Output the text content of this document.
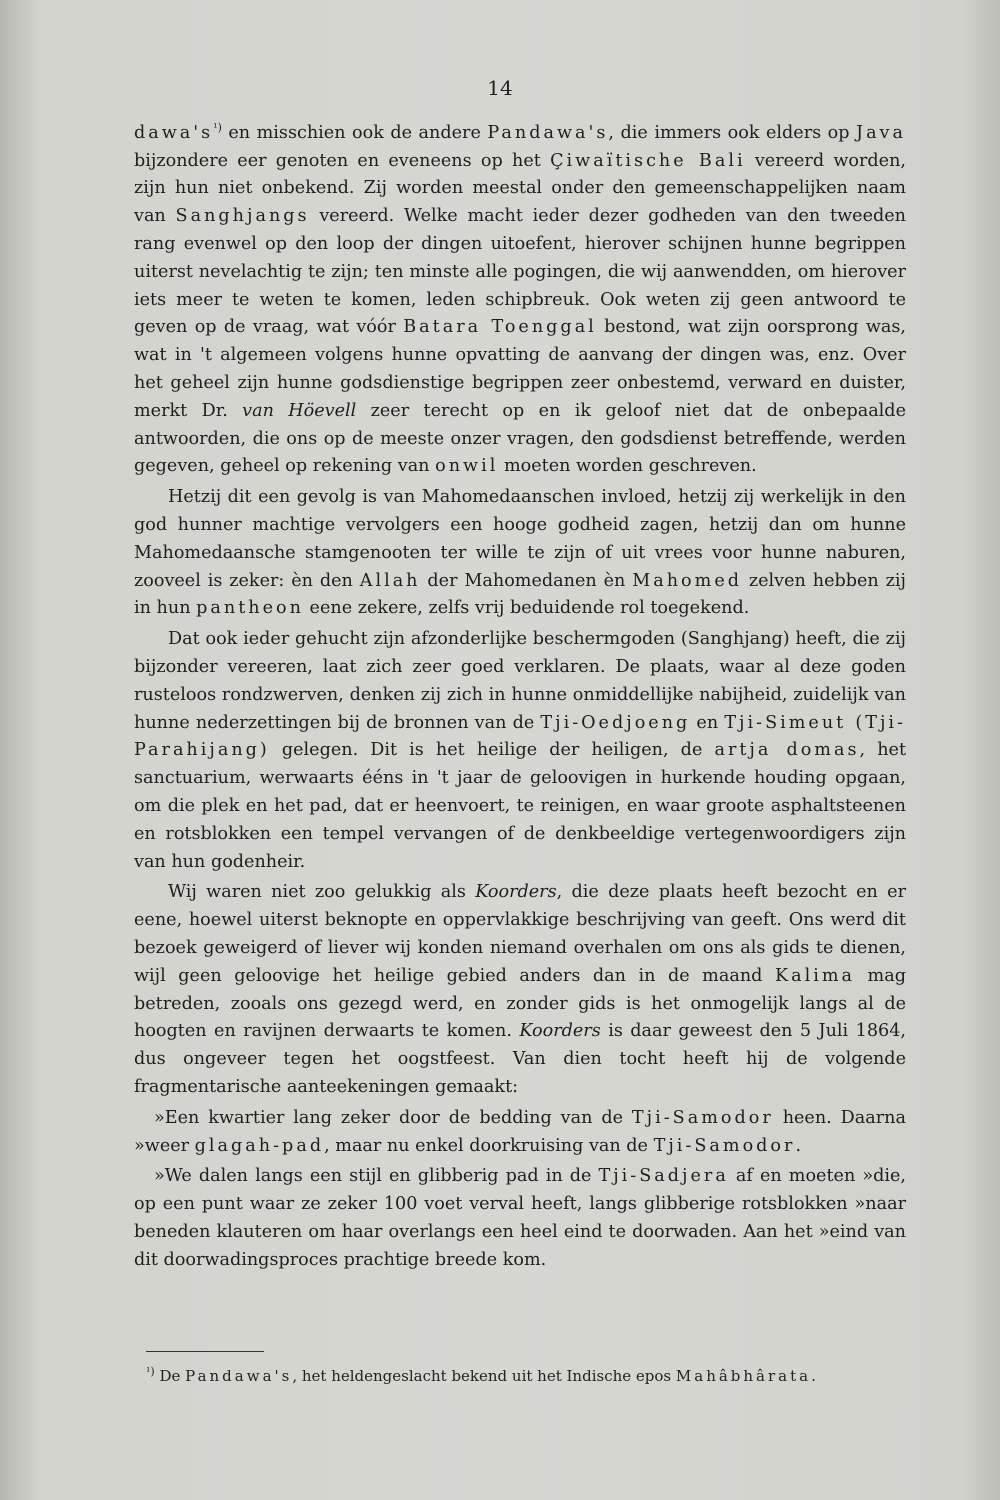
14

$dawa's^{^1)}$ en misschien ook de andere Pandawa's, die immers ook elders op Java bijzondere eer genoten en eveneens op het Çiwaïtische Bali vereerd worden, zijn hun niet onbekend. Zij worden meestal onder den gemeenschappelijken naam van Sanghjangs vereerd. Welke macht ieder dezer godheden van den tweeden rang evenwel op den loop der dingen uitoefent, hierover schijnen hunne begrippen uiterst nevelachtig te zijn; ten minste alle pogingen, die wij aanwendden, om hierover iets meer te weten te komen, leden schipbreuk. Ook weten zij geen antwoord te geven op de vraag, wat vóór Batara Toenggal bestond, wat zijn oorsprong was, wat in 't algemeen volgens hunne opvatting de aanvang der dingen was, enz. Over het geheel zijn hunne godsdienstige begrippen zeer onbestemd, verward en duister, merkt Dr. van Höevell zeer terecht op en ik geloof niet dat de onbepaalde antwoorden, die ons op de meeste onzer vragen, den godsdienst betreffende, werden gegeven, geheel op rekening van onwil moeten worden geschreven.

Hetzij dit een gevolg is van Mahomedaanschen invloed, hetzij zij werkelijk in den god hunner machtige vervolgers een hooge godheid zagen, hetzij dan om hunne Mahomedaansche stamgenooten ter wille te zijn of uit vrees voor hunne naburen, zooveel is zeker: èn den Allah der Mahomedanen èn Mahomed zelven hebben zij in hun pantheon eene zekere, zelfs vrij beduidende rol toegekend.

Dat ook ieder gehucht zijn afzonderlijke beschermgoden (Sanghjang) heeft, die zij bijzonder vereeren, laat zich zeer goed verklaren. De plaats, waar al deze goden rusteloos rondzwerven, denken zij zich in hunne onmiddellijke nabijheid, zuidelijk van hunne nederzettingen bij de bronnen van de Tji-Oedjoeng en Tji-Simeut (Tji-Parahijang) gelegen. Dit is het heilige der heiligen, de artja domas, het sanctuarium, werwaarts ééns in 't jaar de geloovigen in hurkende houding opgaan, om die plek en het pad, dat er heenvoert, te reinigen, en waar groote asphaltsteenen en rotsblokken een tempel vervangen of de denkbeeldige vertegenwoordigers zijn van hun godenheir.

Wij waren niet zoo gelukkig als Koorders, die deze plaats heeft bezocht en er eene, hoewel uiterst beknopte en oppervlakkige beschrijving van geeft. Ons werd dit bezoek geweigerd of liever wij konden niemand overhalen om ons als gids te dienen, wijl geen geloovige het heilige gebied anders dan in de maand Kalima mag betreden, zooals ons gezegd werd, en zonder gids is het onmogelijk langs al de hoogten en ravijnen derwaarts te komen. Koorders is daar geweest den 5 Juli 1864, dus ongeveer tegen het oogstfeest. Van dien tocht heeft hij de volgende fragmentarische aanteekeningen gemaakt:

»Een kwartier lang zeker door de bedding van de Tji-Samodor heen. Daarna »weer glagah-pad, maar nu enkel doorkruising van de Tji-Samodor.

»We dalen langs een stijl en glibberig pad in de Tji-Sadjera af en moeten »die, op een punt waar ze zeker 100 voet verval heeft, langs glibberige rotsblokken »naar beneden klauteren om haar overlangs een heel eind te doorwaden. Aan het »eind van dit doorwadingsproces prachtige breede kom.

$^{^1)}$ De Pandawa's, het heldengeslacht bekend uit het Indische epos Mahâbhârata.
